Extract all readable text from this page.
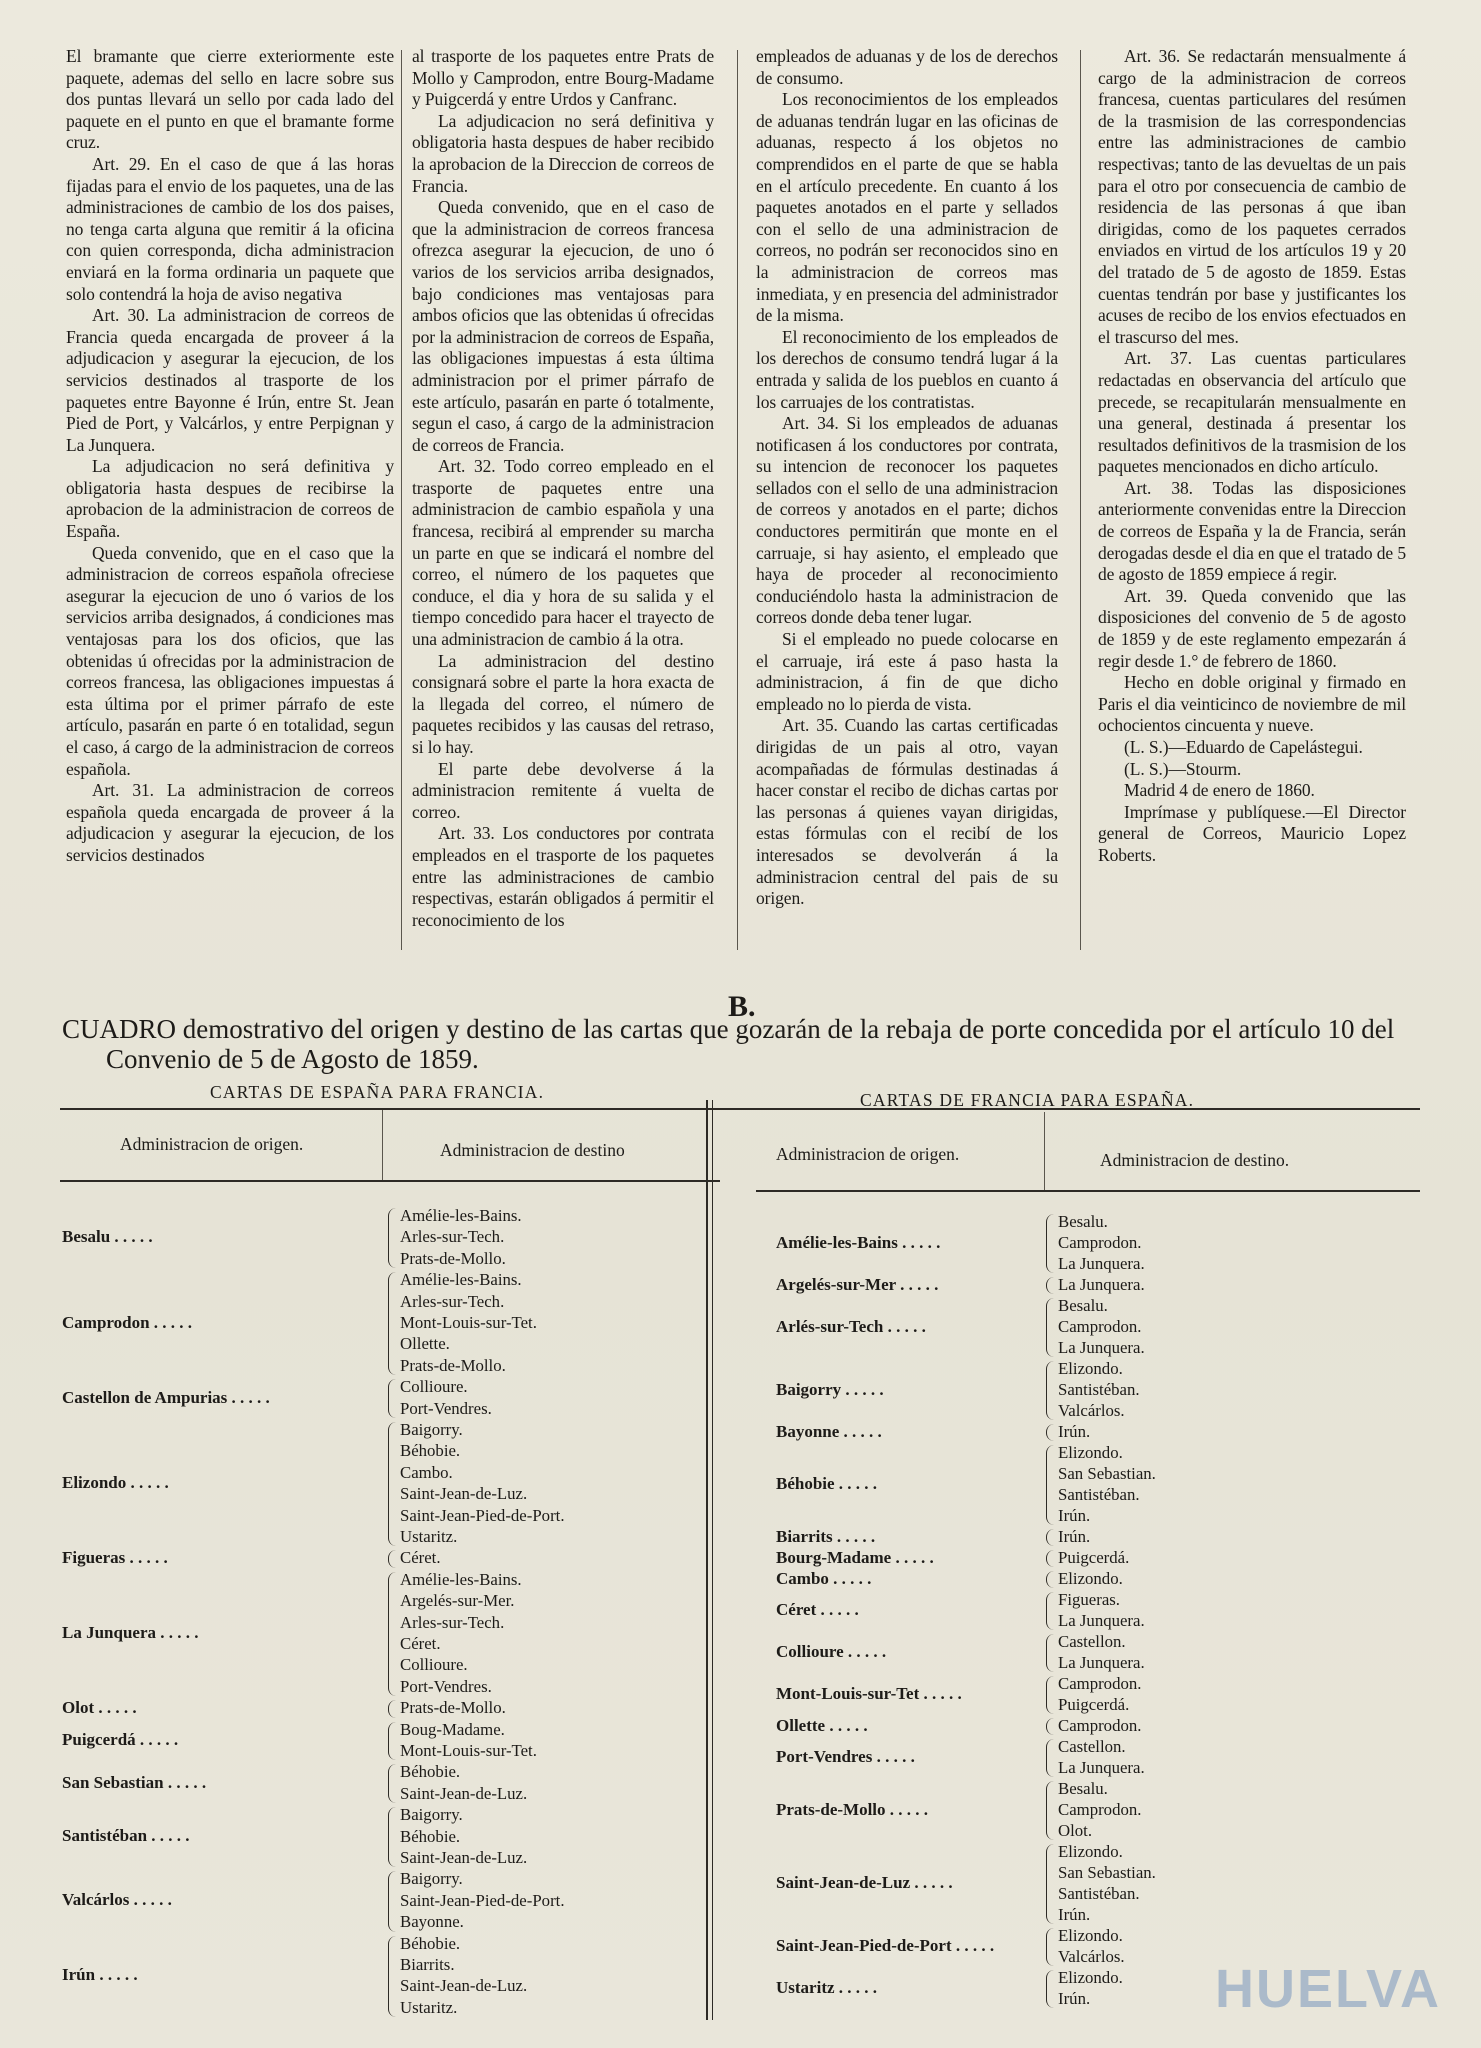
El bramante que cierre exteriormente este paquete, ademas del sello en lacre sobre sus dos puntas llevará un sello por cada lado del paquete en el punto en que el bramante forme cruz.

Art. 29. En el caso de que á las horas fijadas para el envio de los paquetes, una de las administraciones de cambio de los dos paises, no tenga carta alguna que remitir á la oficina con quien corresponda, dicha administracion enviará en la forma ordinaria un paquete que solo contendrá la hoja de aviso negativa

Art. 30. La administracion de correos de Francia queda encargada de proveer á la adjudicacion y asegurar la ejecucion, de los servicios destinados al trasporte de los paquetes entre Bayonne é Irún, entre St. Jean Pied de Port, y Valcárlos, y entre Perpignan y La Junquera.

La adjudicacion no será definitiva y obligatoria hasta despues de recibirse la aprobacion de la administracion de correos de España.

Queda convenido, que en el caso que la administracion de correos española ofreciese asegurar la ejecucion de uno ó varios de los servicios arriba designados, á condiciones mas ventajosas para los dos oficios, que las obtenidas ú ofrecidas por la administracion de correos francesa, las obligaciones impuestas á esta última por el primer párrafo de este artículo, pasarán en parte ó en totalidad, segun el caso, á cargo de la administracion de correos española.

Art. 31. La administracion de correos española queda encargada de proveer á la adjudicacion y asegurar la ejecucion, de los servicios destinados

al trasporte de los paquetes entre Prats de Mollo y Camprodon, entre Bourg-Madame y Puigcerdá y entre Urdos y Canfranc.

La adjudicacion no será definitiva y obligatoria hasta despues de haber recibido la aprobacion de la Direccion de correos de Francia.

Queda convenido, que en el caso de que la administracion de correos francesa ofrezca asegurar la ejecucion, de uno ó varios de los servicios arriba designados, bajo condiciones mas ventajosas para ambos oficios que las obtenidas ú ofrecidas por la administracion de correos de España, las obligaciones impuestas á esta última administracion por el primer párrafo de este artículo, pasarán en parte ó totalmente, segun el caso, á cargo de la administracion de correos de Francia.

Art. 32. Todo correo empleado en el trasporte de paquetes entre una administracion de cambio española y una francesa, recibirá al emprender su marcha un parte en que se indicará el nombre del correo, el número de los paquetes que conduce, el dia y hora de su salida y el tiempo concedido para hacer el trayecto de una administracion de cambio á la otra.

La administracion del destino consignará sobre el parte la hora exacta de la llegada del correo, el número de paquetes recibidos y las causas del retraso, si lo hay.

El parte debe devolverse á la administracion remitente á vuelta de correo.

Art. 33. Los conductores por contrata empleados en el trasporte de los paquetes entre las administraciones de cambio respectivas, estarán obligados á permitir el reconocimiento de los

empleados de aduanas y de los de derechos de consumo.

Los reconocimientos de los empleados de aduanas tendrán lugar en las oficinas de aduanas, respecto á los objetos no comprendidos en el parte de que se habla en el artículo precedente. En cuanto á los paquetes anotados en el parte y sellados con el sello de una administracion de correos, no podrán ser reconocidos sino en la administracion de correos mas inmediata, y en presencia del administrador de la misma.

El reconocimiento de los empleados de los derechos de consumo tendrá lugar á la entrada y salida de los pueblos en cuanto á los carruajes de los contratistas.

Art. 34. Si los empleados de aduanas notificasen á los conductores por contrata, su intencion de reconocer los paquetes sellados con el sello de una administracion de correos y anotados en el parte; dichos conductores permitirán que monte en el carruaje, si hay asiento, el empleado que haya de proceder al reconocimiento conduciéndolo hasta la administracion de correos donde deba tener lugar.

Si el empleado no puede colocarse en el carruaje, irá este á paso hasta la administracion, á fin de que dicho empleado no lo pierda de vista.

Art. 35. Cuando las cartas certificadas dirigidas de un pais al otro, vayan acompañadas de fórmulas destinadas á hacer constar el recibo de dichas cartas por las personas á quienes vayan dirigidas, estas fórmulas con el recibí de los interesados se devolverán á la administracion central del pais de su origen.

Art. 36. Se redactarán mensualmente á cargo de la administracion de correos francesa, cuentas particulares del resúmen de la trasmision de las correspondencias entre las administraciones de cambio respectivas; tanto de las devueltas de un pais para el otro por consecuencia de cambio de residencia de las personas á que iban dirigidas, como de los paquetes cerrados enviados en virtud de los artículos 19 y 20 del tratado de 5 de agosto de 1859. Estas cuentas tendrán por base y justificantes los acuses de recibo de los envios efectuados en el trascurso del mes.

Art. 37. Las cuentas particulares redactadas en observancia del artículo que precede, se recapitularán mensualmente en una general, destinada á presentar los resultados definitivos de la trasmision de los paquetes mencionados en dicho artículo.

Art. 38. Todas las disposiciones anteriormente convenidas entre la Direccion de correos de España y la de Francia, serán derogadas desde el dia en que el tratado de 5 de agosto de 1859 empiece á regir.

Art. 39. Queda convenido que las disposiciones del convenio de 5 de agosto de 1859 y de este reglamento empezarán á regir desde 1.° de febrero de 1860.

Hecho en doble original y firmado en Paris el dia veinticinco de noviembre de mil ochocientos cincuenta y nueve.

(L. S.)—Eduardo de Capelástegui.

(L. S.)—Stourm.

Madrid 4 de enero de 1860.

Imprímase y publíquese.—El Director general de Correos, Mauricio Lopez Roberts.

B.
CUADRO demostrativo del origen y destino de las cartas que gozarán de la rebaja de porte concedida por el artículo 10 del
Convenio de 5 de Agosto de 1859.
CARTAS DE ESPAÑA PARA FRANCIA.	CARTAS DE FRANCIA PARA ESPAÑA.
Administracion de origen.	Administracion de destino	Administracion de origen.	Administracion de destino.
Besalu . . . . .
Amélie-les-Bains.
Arles-sur-Tech.
Prats-de-Mollo.
Camprodon . . . . .
Amélie-les-Bains.
Arles-sur-Tech.
Mont-Louis-sur-Tet.
Ollette.
Prats-de-Mollo.
Castellon de Ampurias . . . . .
Collioure.
Port-Vendres.
Elizondo . . . . .
Baigorry.
Béhobie.
Cambo.
Saint-Jean-de-Luz.
Saint-Jean-Pied-de-Port.
Ustaritz.
Figueras . . . . .	Céret.
La Junquera . . . . .
Amélie-les-Bains.
Argelés-sur-Mer.
Arles-sur-Tech.
Céret.
Collioure.
Port-Vendres.
Olot . . . . .	Prats-de-Mollo.
Puigcerdá . . . . .
Boug-Madame.
Mont-Louis-sur-Tet.
San Sebastian . . . . .
Béhobie.
Saint-Jean-de-Luz.
Santistéban . . . . .
Baigorry.
Béhobie.
Saint-Jean-de-Luz.
Valcárlos . . . . .
Baigorry.
Saint-Jean-Pied-de-Port.
Bayonne.
Irún . . . . .
Béhobie.
Biarrits.
Saint-Jean-de-Luz.
Ustaritz.
Amélie-les-Bains . . . . .
Besalu.
Camprodon.
La Junquera.
Argelés-sur-Mer . . . . .	La Junquera.
Arlés-sur-Tech . . . . .
Besalu.
Camprodon.
La Junquera.
Baigorry . . . . .
Elizondo.
Santistéban.
Valcárlos.
Bayonne . . . . .	Irún.
Béhobie . . . . .
Elizondo.
San Sebastian.
Santistéban.
Irún.
Biarrits . . . . .	Irún.
Bourg-Madame . . . . .	Puigcerdá.
Cambo . . . . .	Elizondo.
Céret . . . . .
Figueras.
La Junquera.
Collioure . . . . .
Castellon.
La Junquera.
Mont-Louis-sur-Tet . . . . .
Camprodon.
Puigcerdá.
Ollette . . . . .	Camprodon.
Port-Vendres . . . . .
Castellon.
La Junquera.
Prats-de-Mollo . . . . .
Besalu.
Camprodon.
Olot.
Saint-Jean-de-Luz . . . . .
Elizondo.
San Sebastian.
Santistéban.
Irún.
Saint-Jean-Pied-de-Port . . . . .
Elizondo.
Valcárlos.
Ustaritz . . . . .
Elizondo.
Irún.	HUELVA
